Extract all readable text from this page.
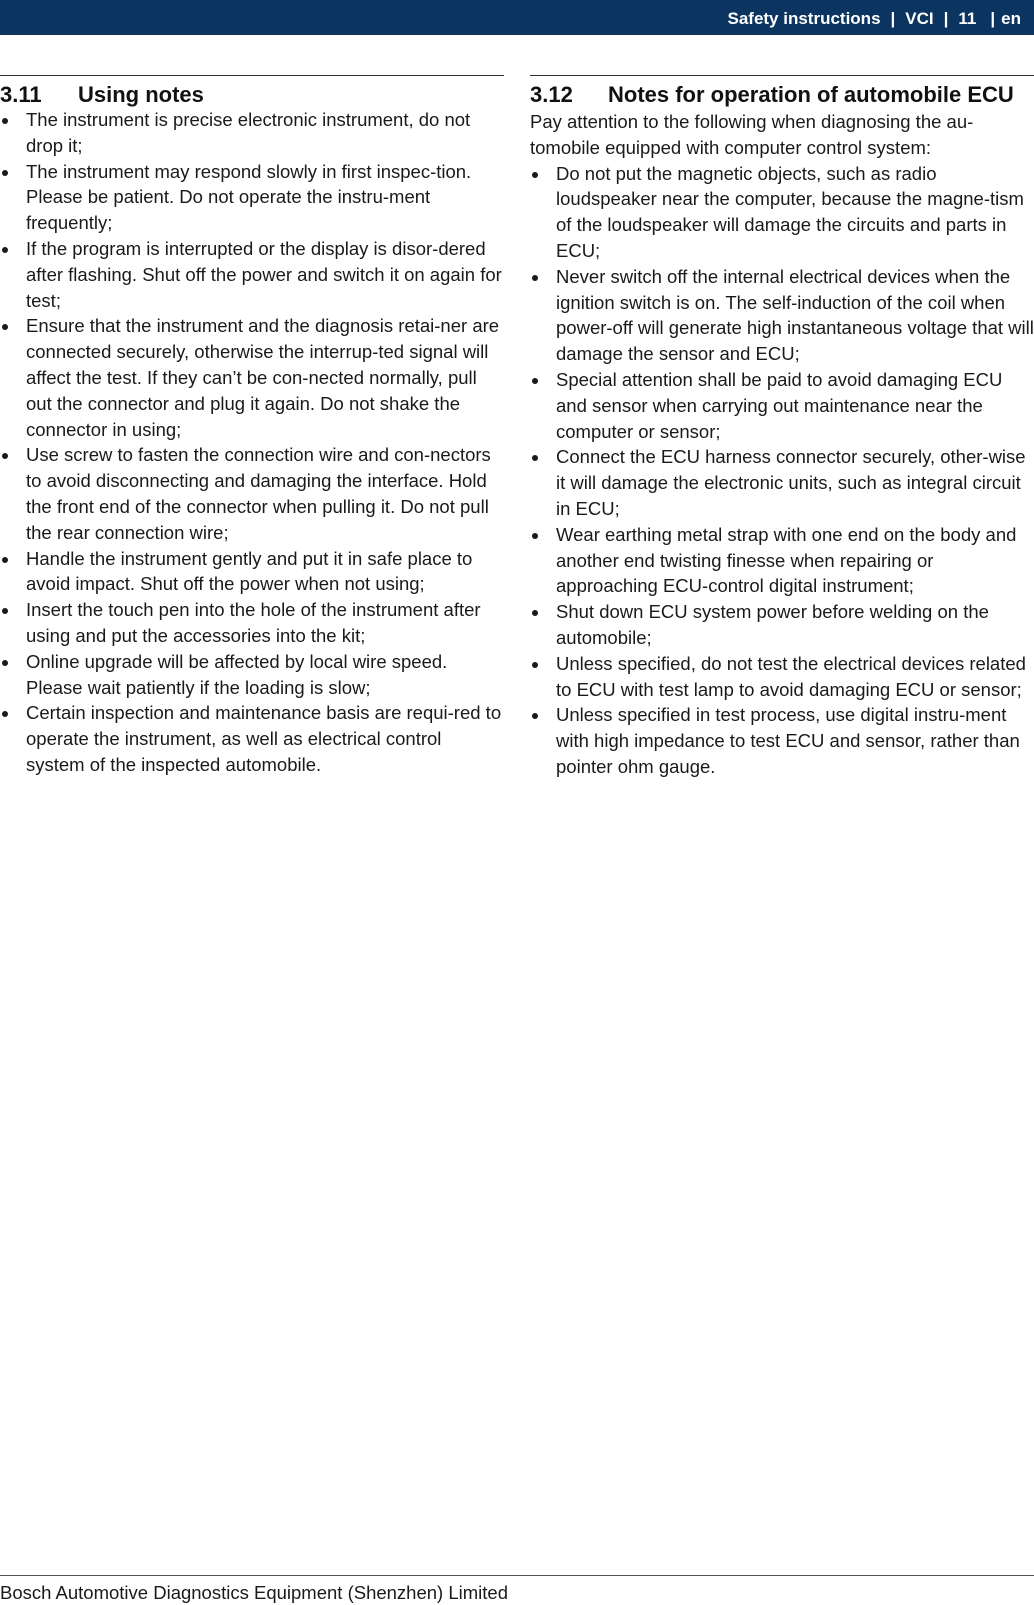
Safety instructions | VCI | 11 | en
3.11	Using notes
The instrument is precise electronic instrument, do not drop it;
The instrument may respond slowly in first inspec-tion. Please be patient. Do not operate the instru-ment frequently;
If the program is interrupted or the display is disor-dered after flashing. Shut off the power and switch it on again for test;
Ensure that the instrument and the diagnosis retai-ner are connected securely, otherwise the interrup-ted signal will affect the test. If they can’t be con-nected normally, pull out the connector and plug it again. Do not shake the connector in using;
Use screw to fasten the connection wire and con-nectors to avoid disconnecting and damaging the interface. Hold the front end of the connector when pulling it. Do not pull the rear connection wire;
Handle the instrument gently and put it in safe place to avoid impact. Shut off the power when not using;
Insert the touch pen into the hole of the instrument after using and put the accessories into the kit;
Online upgrade will be affected by local wire speed. Please wait patiently if the loading is slow;
Certain inspection and maintenance basis are requi-red to operate the instrument, as well as electrical control system of the inspected automobile.
3.12	Notes for operation of automobile ECU

Pay attention to the following when diagnosing the au-tomobile equipped with computer control system:

Do not put the magnetic objects, such as radio loudspeaker near the computer, because the magne-tism of the loudspeaker will damage the circuits and parts in ECU;
Never switch off the internal electrical devices when the ignition switch is on. The self-induction of the coil when power-off will generate high instantaneous voltage that will damage the sensor and ECU;
Special attention shall be paid to avoid damaging ECU and sensor when carrying out maintenance near the computer or sensor;
Connect the ECU harness connector securely, other-wise it will damage the electronic units, such as integral circuit in ECU;
Wear earthing metal strap with one end on the body and another end twisting finesse when repairing or approaching ECU-control digital instrument;
Shut down ECU system power before welding on the automobile;
Unless specified, do not test the electrical devices related to ECU with test lamp to avoid damaging ECU or sensor;
Unless specified in test process, use digital instru-ment with high impedance to test ECU and sensor, rather than pointer ohm gauge.
Bosch Automotive Diagnostics Equipment (Shenzhen) Limited
